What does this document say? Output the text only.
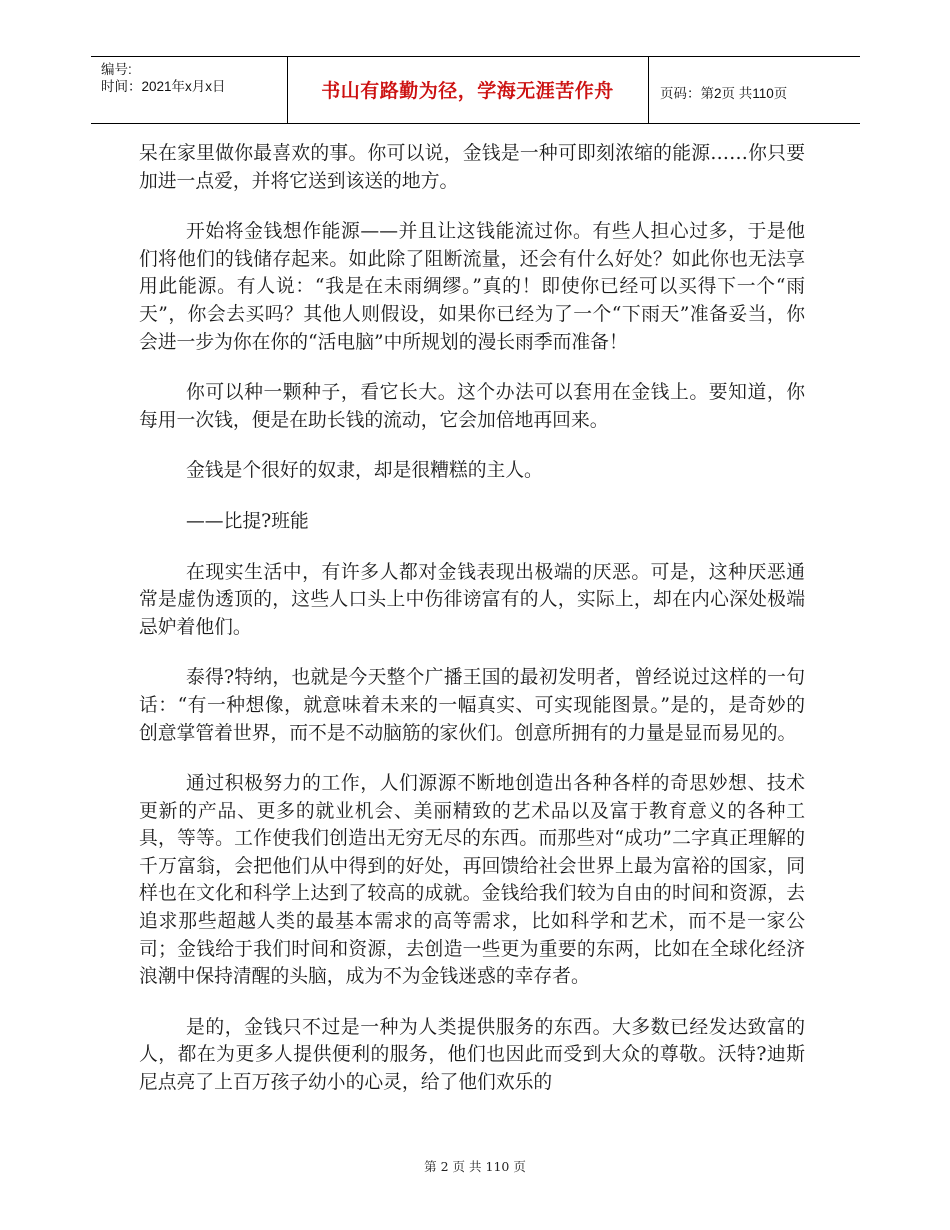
编号:
时间：2021年x月x日	书山有路勤为径，学海无涯苦作舟	页码：第2页 共110页

呆在家里做你最喜欢的事。你可以说，金钱是一种可即刻浓缩的能源……你只要加进一点爱，并将它送到该送的地方。

开始将金钱想作能源——并且让这钱能流过你。有些人担心过多，于是他们将他们的钱储存起来。如此除了阻断流量，还会有什么好处？如此你也无法享用此能源。有人说：“我是在未雨绸缪。”真的！即使你已经可以买得下一个“雨天”，你会去买吗？其他人则假设，如果你已经为了一个“下雨天”准备妥当，你会进一步为你在你的“活电脑”中所规划的漫长雨季而准备！

你可以种一颗种子，看它长大。这个办法可以套用在金钱上。要知道，你每用一次钱，便是在助长钱的流动，它会加倍地再回来。

金钱是个很好的奴隶，却是很糟糕的主人。

——比提?班能

在现实生活中，有许多人都对金钱表现出极端的厌恶。可是，这种厌恶通常是虚伪透顶的，这些人口头上中伤徘谤富有的人，实际上，却在内心深处极端忌妒着他们。

泰得?特纳，也就是今天整个广播王国的最初发明者，曾经说过这样的一句话：“有一种想像，就意味着未来的一幅真实、可实现能图景。”是的，是奇妙的创意掌管着世界，而不是不动脑筋的家伙们。创意所拥有的力量是显而易见的。

通过积极努力的工作，人们源源不断地创造出各种各样的奇思妙想、技术更新的产品、更多的就业机会、美丽精致的艺术品以及富于教育意义的各种工具，等等。工作使我们创造出无穷无尽的东西。而那些对“成功”二字真正理解的千万富翁，会把他们从中得到的好处，再回馈给社会世界上最为富裕的国家，同样也在文化和科学上达到了较高的成就。金钱给我们较为自由的时间和资源，去追求那些超越人类的最基本需求的高等需求，比如科学和艺术，而不是一家公司；金钱给于我们时间和资源，去创造一些更为重要的东两，比如在全球化经济浪潮中保持清醒的头脑，成为不为金钱迷惑的幸存者。

是的，金钱只不过是一种为人类提供服务的东西。大多数已经发达致富的人，都在为更多人提供便利的服务，他们也因此而受到大众的尊敬。沃特?迪斯尼点亮了上百万孩子幼小的心灵，给了他们欢乐的

第 2 页 共 110 页
